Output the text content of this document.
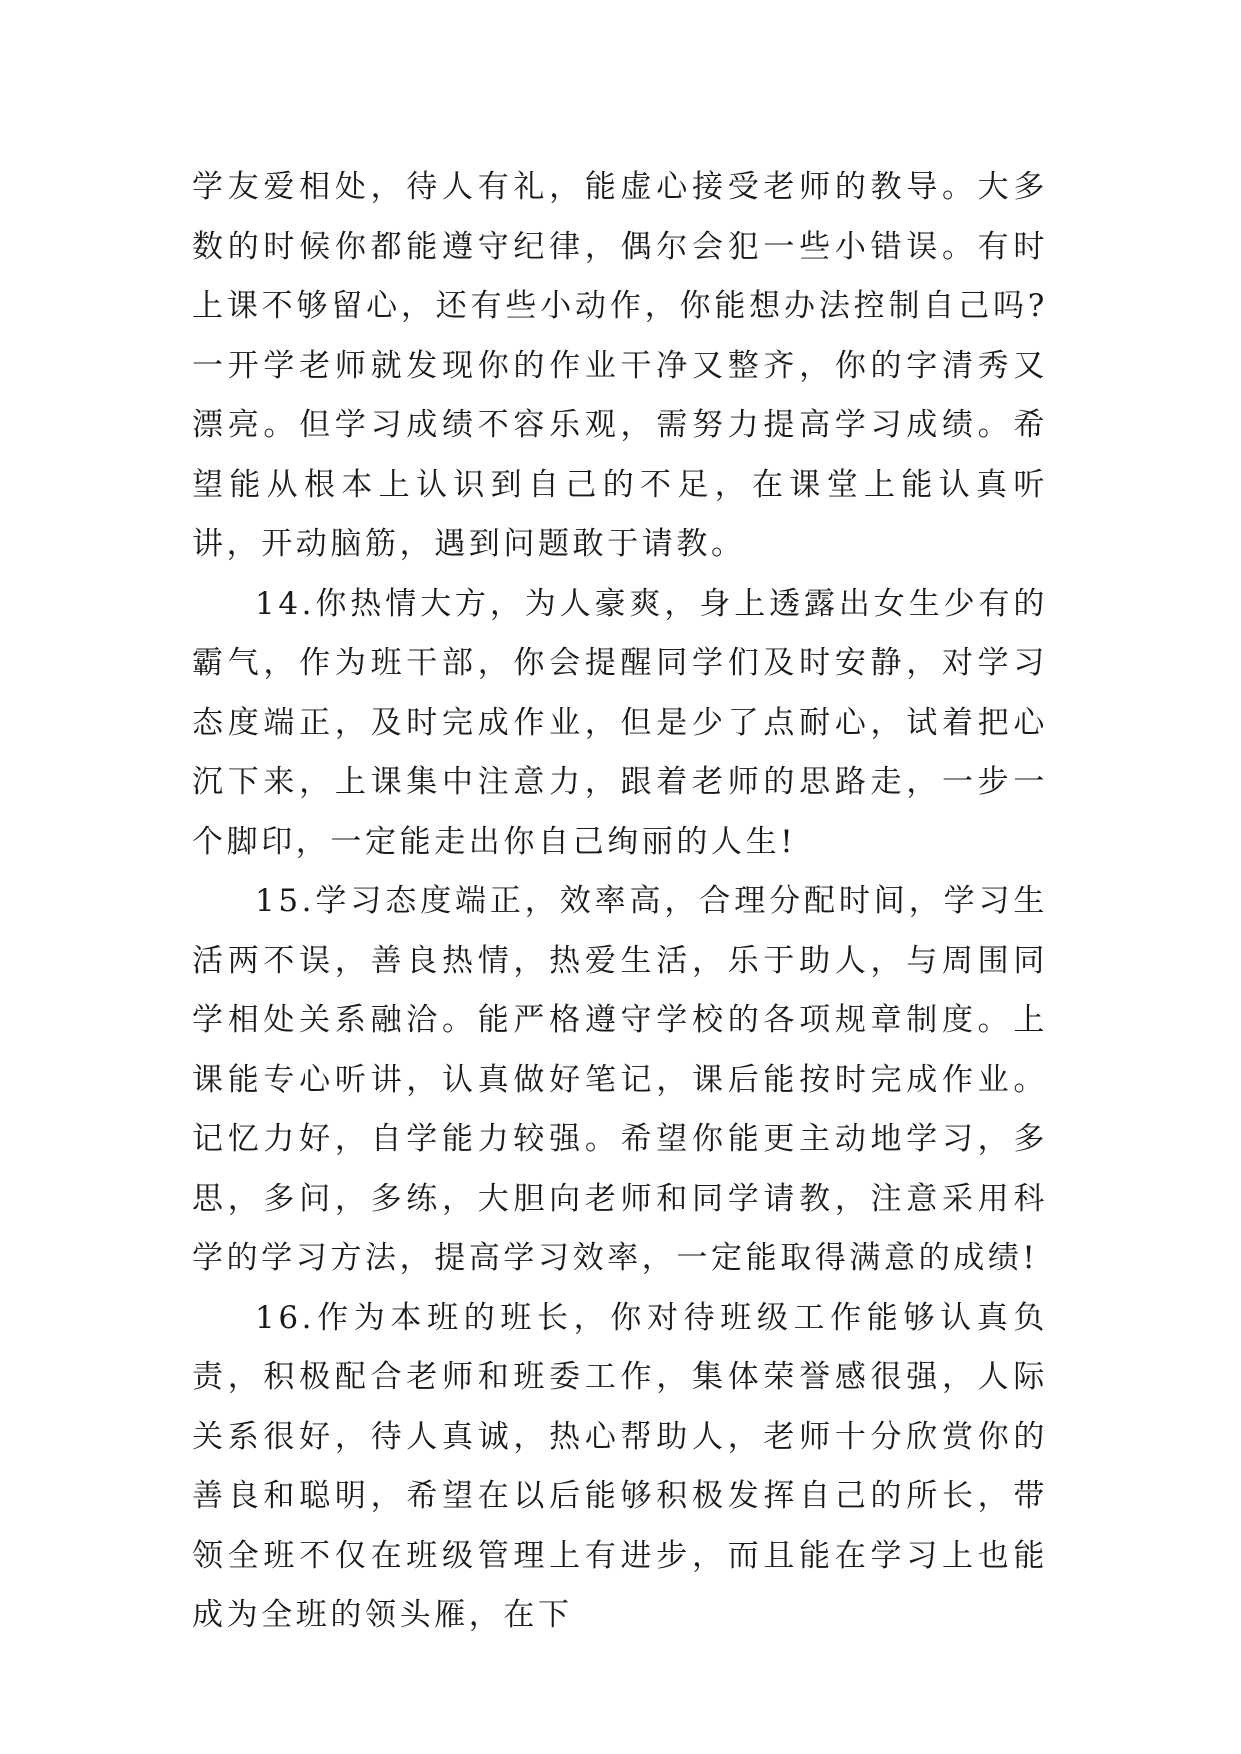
学友爱相处，待人有礼，能虚心接受老师的教导。大多数的时候你都能遵守纪律，偶尔会犯一些小错误。有时上课不够留心，还有些小动作，你能想办法控制自己吗?一开学老师就发现你的作业干净又整齐，你的字清秀又漂亮。但学习成绩不容乐观，需努力提高学习成绩。希望能从根本上认识到自己的不足，在课堂上能认真听讲，开动脑筋，遇到问题敢于请教。

14.你热情大方，为人豪爽，身上透露出女生少有的霸气，作为班干部，你会提醒同学们及时安静，对学习态度端正，及时完成作业，但是少了点耐心，试着把心沉下来，上课集中注意力，跟着老师的思路走，一步一个脚印，一定能走出你自己绚丽的人生!

15.学习态度端正，效率高，合理分配时间，学习生活两不误，善良热情，热爱生活，乐于助人，与周围同学相处关系融洽。能严格遵守学校的各项规章制度。上课能专心听讲，认真做好笔记，课后能按时完成作业。记忆力好，自学能力较强。希望你能更主动地学习，多思，多问，多练，大胆向老师和同学请教，注意采用科学的学习方法，提高学习效率，一定能取得满意的成绩!

16.作为本班的班长，你对待班级工作能够认真负责，积极配合老师和班委工作，集体荣誉感很强，人际关系很好，待人真诚，热心帮助人，老师十分欣赏你的善良和聪明，希望在以后能够积极发挥自己的所长，带领全班不仅在班级管理上有进步，而且能在学习上也能成为全班的领头雁，在下
